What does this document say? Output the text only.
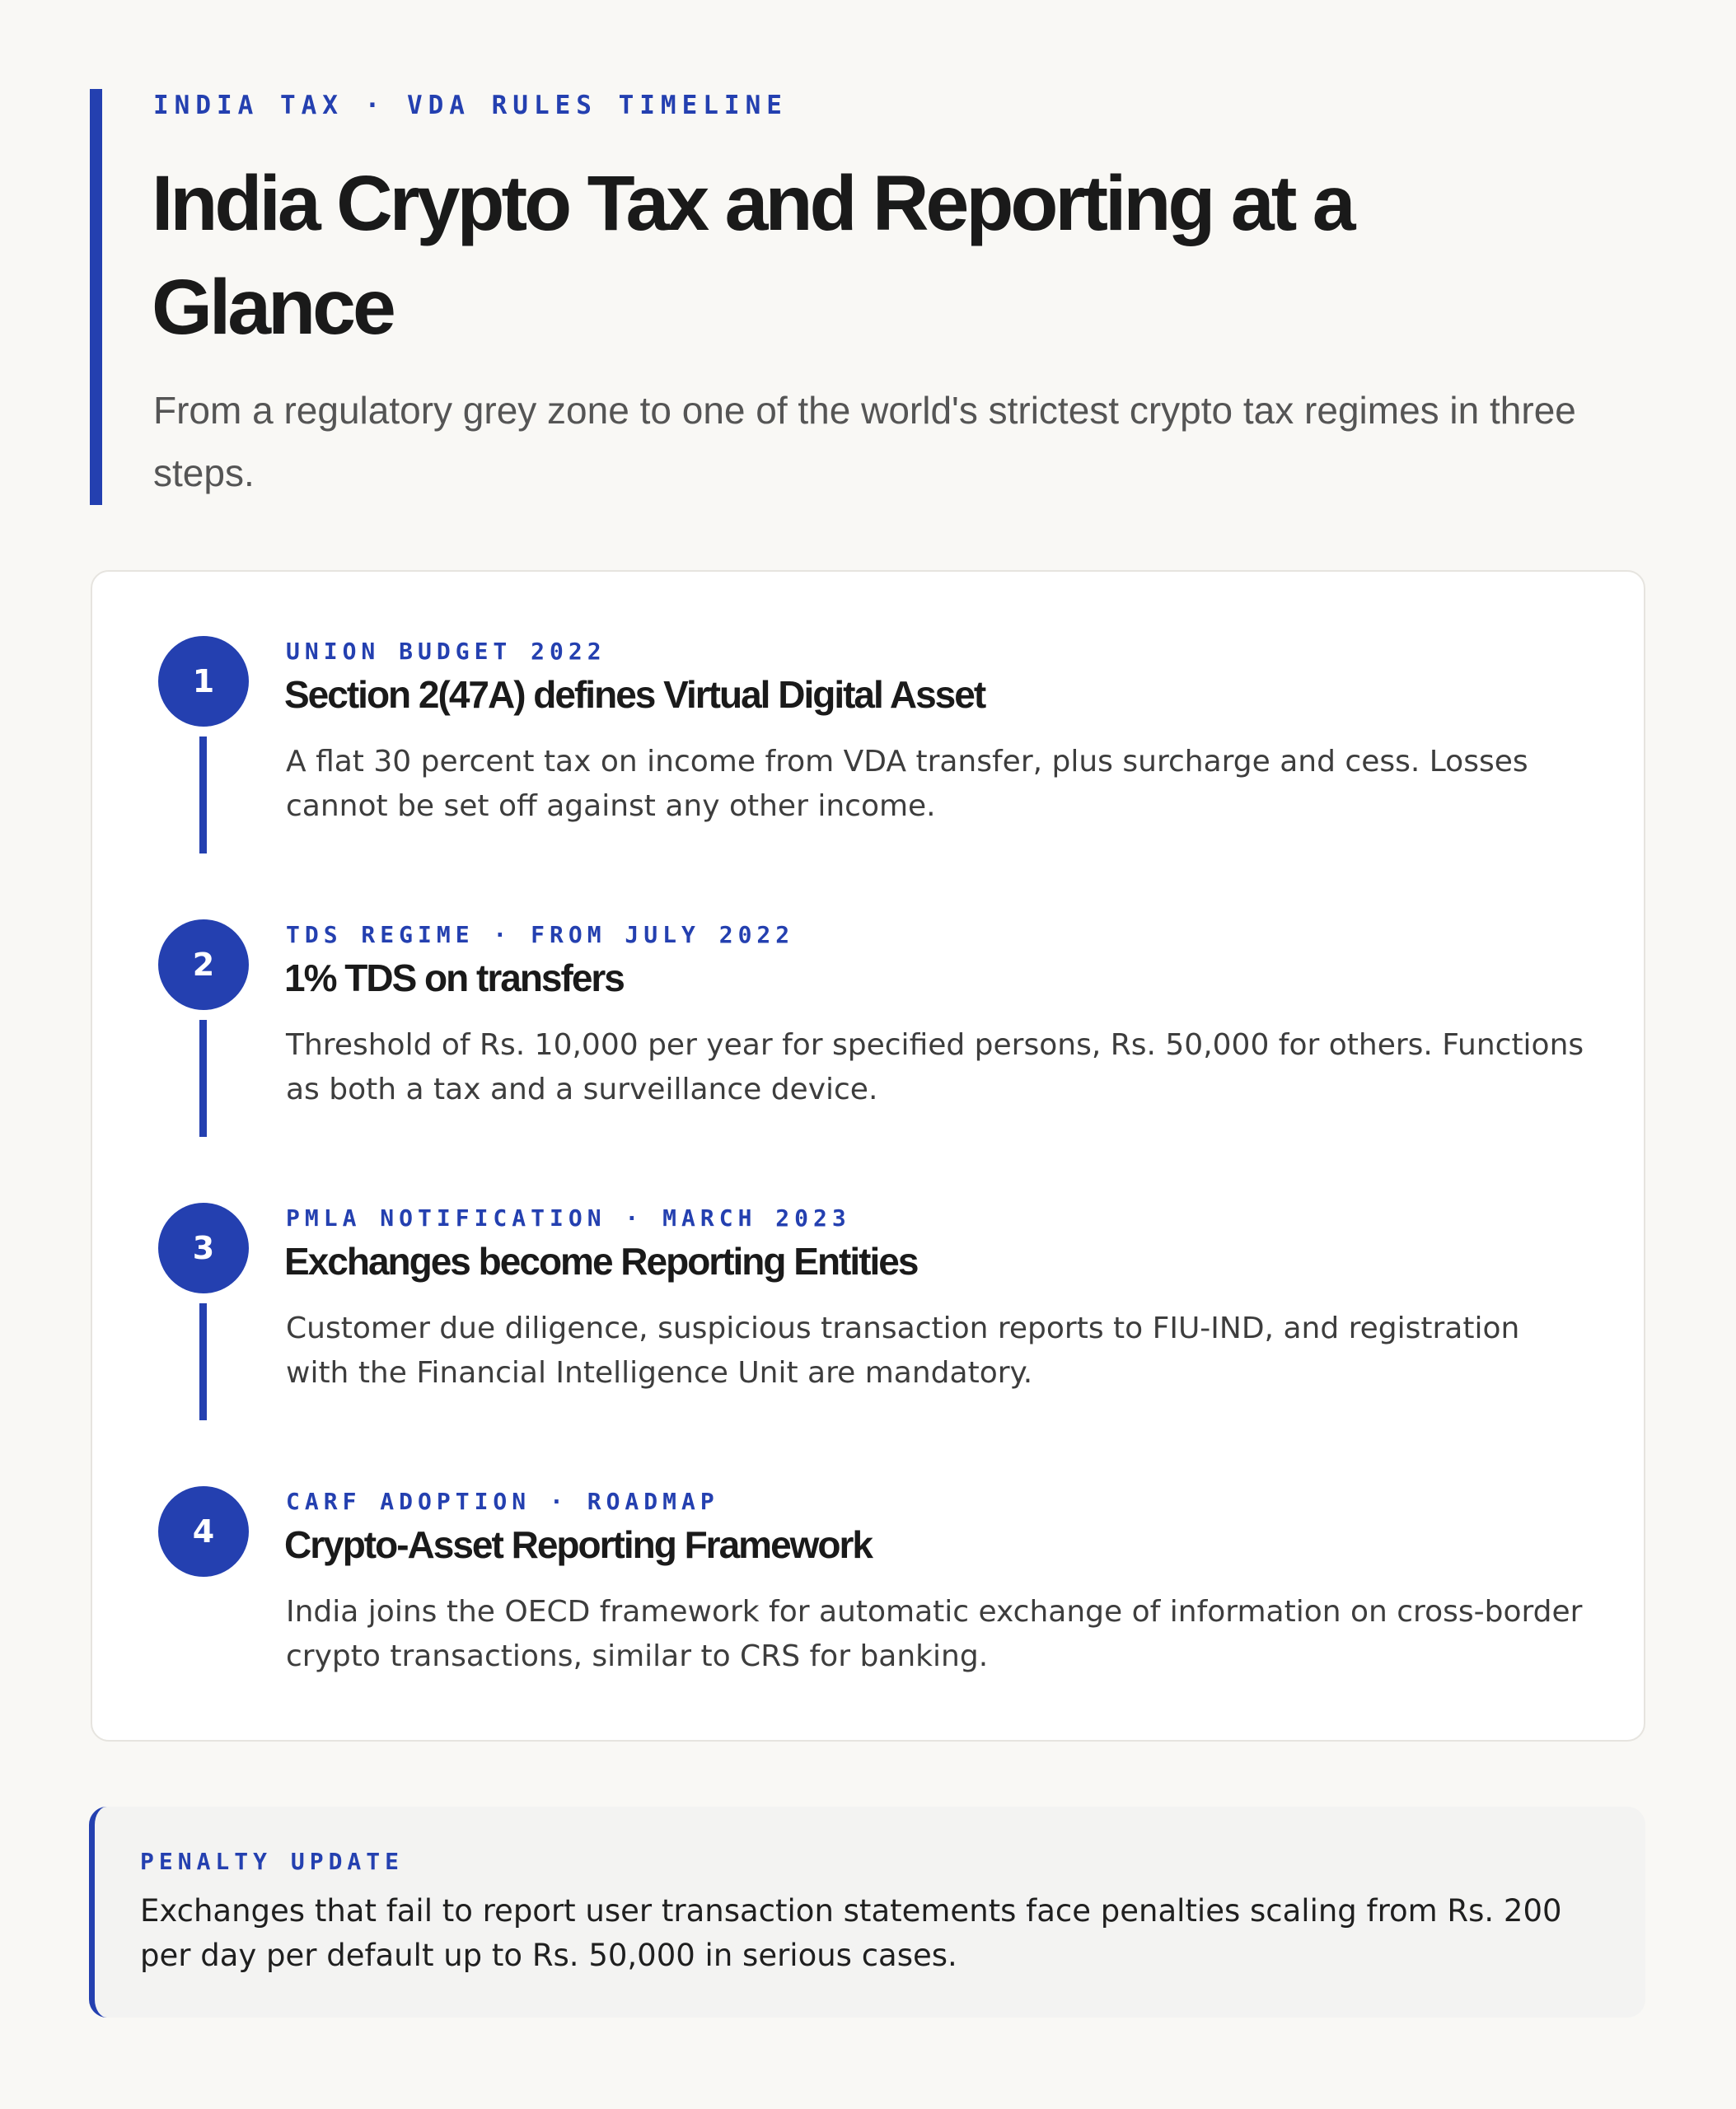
INDIA TAX · VDA RULES TIMELINE
India Crypto Tax and Reporting at a Glance

From a regulatory grey zone to one of the world's strictest crypto tax regimes in three steps.

1
UNION BUDGET 2022
Section 2(47A) defines Virtual Digital Asset
A flat 30 percent tax on income from VDA transfer, plus surcharge and cess. Losses cannot be set off against any other income.
2
TDS REGIME · FROM JULY 2022
1% TDS on transfers
Threshold of Rs. 10,000 per year for specified persons, Rs. 50,000 for others. Functions as both a tax and a surveillance device.
3
PMLA NOTIFICATION · MARCH 2023
Exchanges become Reporting Entities
Customer due diligence, suspicious transaction reports to FIU-IND, and registration with the Financial Intelligence Unit are mandatory.
4
CARF ADOPTION · ROADMAP
Crypto-Asset Reporting Framework
India joins the OECD framework for automatic exchange of information on cross-border crypto transactions, similar to CRS for banking.
PENALTY UPDATE

Exchanges that fail to report user transaction statements face penalties scaling from Rs. 200 per day per default up to Rs. 50,000 in serious cases.
